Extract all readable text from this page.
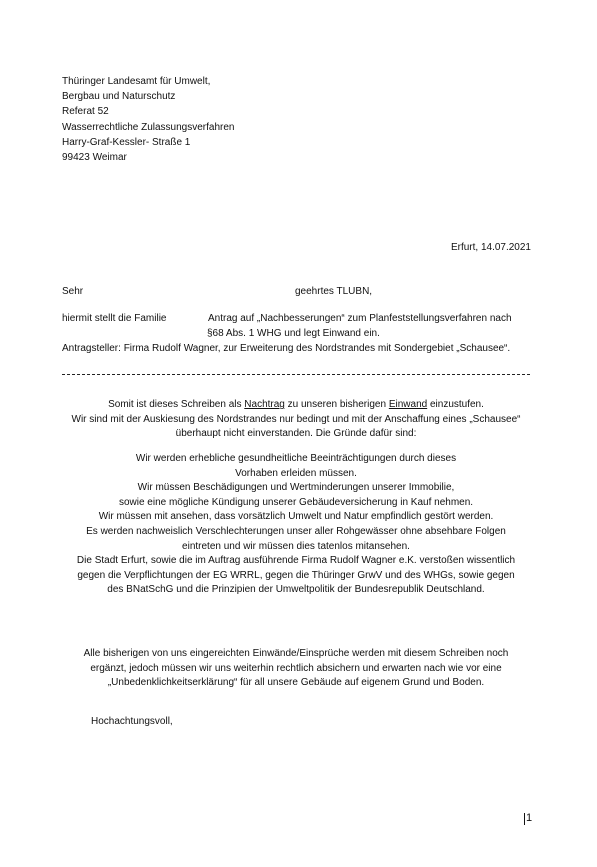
Thüringer Landesamt für Umwelt,
Bergbau und Naturschutz
Referat 52
Wasserrechtliche Zulassungsverfahren
Harry-Graf-Kessler- Straße 1
99423 Weimar
Erfurt, 14.07.2021
Sehr	geehrtes TLUBN,
hiermit stellt die Familie	Antrag auf „Nachbesserungen“ zum Planfeststellungsverfahren nach
§68 Abs. 1 WHG und legt Einwand ein.
Antragsteller: Firma Rudolf Wagner, zur Erweiterung des Nordstrandes mit Sondergebiet „Schausee“.
Somit ist dieses Schreiben als Nachtrag zu unseren bisherigen Einwand einzustufen.
Wir sind mit der Auskiesung des Nordstrandes nur bedingt und mit der Anschaffung eines „Schausee“
überhaupt nicht einverstanden. Die Gründe dafür sind:
Wir werden erhebliche gesundheitliche Beeinträchtigungen durch dieses
Vorhaben erleiden müssen.
Wir müssen Beschädigungen und Wertminderungen unserer Immobilie,
sowie eine mögliche Kündigung unserer Gebäudeversicherung in Kauf nehmen.
Wir müssen mit ansehen, dass vorsätzlich Umwelt und Natur empfindlich gestört werden.
Es werden nachweislich Verschlechterungen unser aller Rohgewässer ohne absehbare Folgen
eintreten und wir müssen dies tatenlos mitansehen.
Die Stadt Erfurt, sowie die im Auftrag ausführende Firma Rudolf Wagner e.K. verstoßen wissentlich
gegen die Verpflichtungen der EG WRRL, gegen die Thüringer GrwV und des WHGs, sowie gegen
des BNatSchG und die Prinzipien der Umweltpolitik der Bundesrepublik Deutschland.
Alle bisherigen von uns eingereichten Einwände/Einsprüche werden mit diesem Schreiben noch
ergänzt, jedoch müssen wir uns weiterhin rechtlich absichern und erwarten nach wie vor eine
„Unbedenklichkeitserklärung“ für all unsere Gebäude auf eigenem Grund und Boden.
Hochachtungsvoll,
1
